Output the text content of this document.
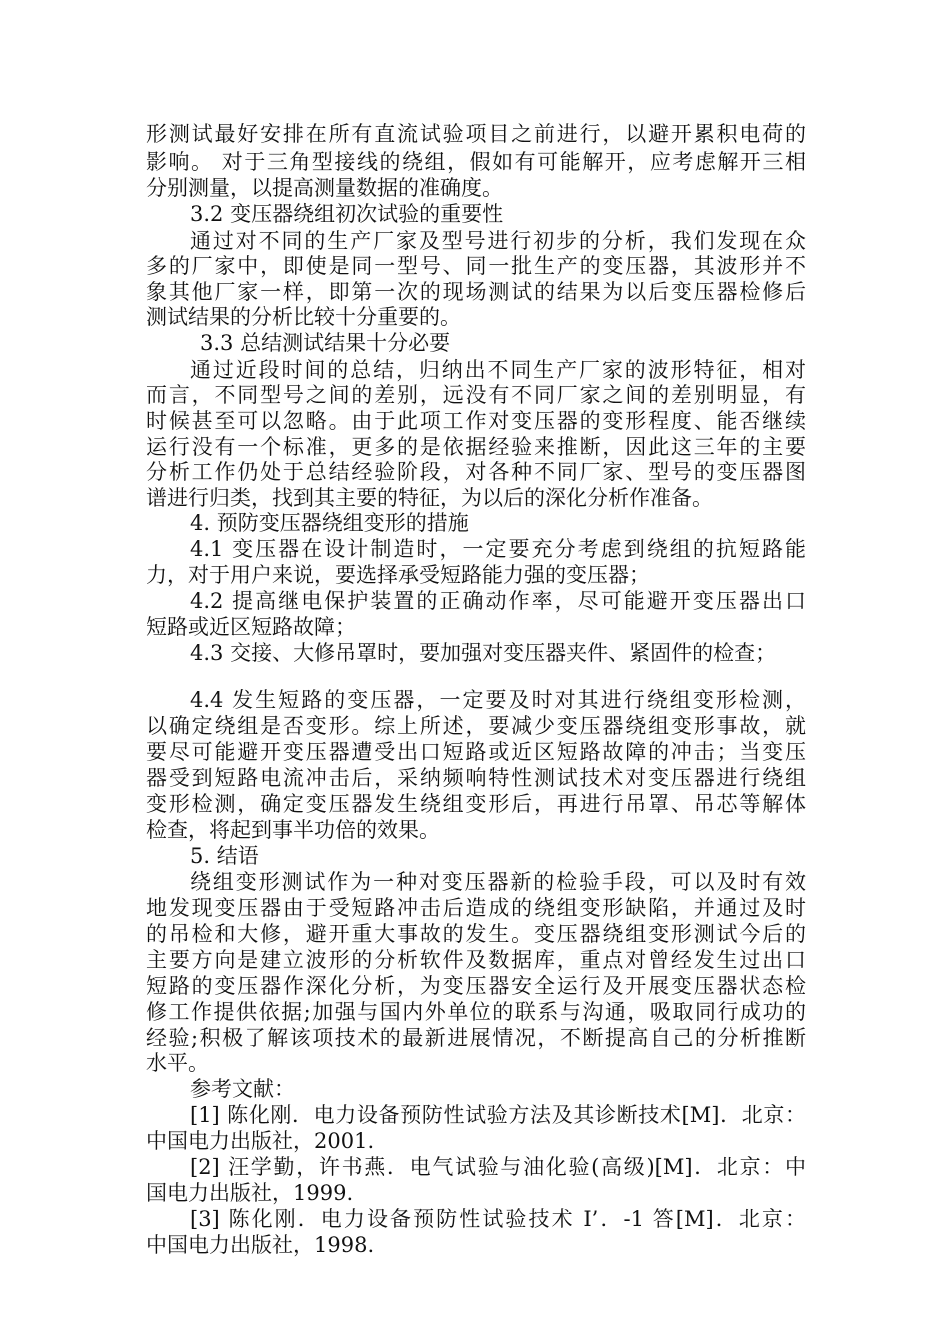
形测试最好安排在所有直流试验项目之前进行，以避开累积电荷的
影响。 对于三角型接线的绕组，假如有可能解开，应考虑解开三相
分别测量，以提高测量数据的准确度。
3.2 变压器绕组初次试验的重要性
通过对不同的生产厂家及型号进行初步的分析，我们发现在众
多的厂家中，即使是同一型号、同一批生产的变压器，其波形并不
象其他厂家一样，即第一次的现场测试的结果为以后变压器检修后
测试结果的分析比较十分重要的。
3.3 总结测试结果十分必要
通过近段时间的总结，归纳出不同生产厂家的波形特征，相对
而言，不同型号之间的差别，远没有不同厂家之间的差别明显，有
时候甚至可以忽略。由于此项工作对变压器的变形程度、能否继续
运行没有一个标准，更多的是依据经验来推断，因此这三年的主要
分析工作仍处于总结经验阶段，对各种不同厂家、型号的变压器图
谱进行归类，找到其主要的特征，为以后的深化分析作准备。
4. 预防变压器绕组变形的措施
4.1 变压器在设计制造时，一定要充分考虑到绕组的抗短路能
力，对于用户来说，要选择承受短路能力强的变压器；
4.2 提高继电保护装置的正确动作率，尽可能避开变压器出口
短路或近区短路故障；
4.3 交接、大修吊罩时，要加强对变压器夹件、紧固件的检查；
4.4 发生短路的变压器，一定要及时对其进行绕组变形检测，
以确定绕组是否变形。综上所述，要减少变压器绕组变形事故，就
要尽可能避开变压器遭受出口短路或近区短路故障的冲击；当变压
器受到短路电流冲击后，采纳频响特性测试技术对变压器进行绕组
变形检测，确定变压器发生绕组变形后，再进行吊罩、吊芯等解体
检查，将起到事半功倍的效果。
5. 结语
绕组变形测试作为一种对变压器新的检验手段，可以及时有效
地发现变压器由于受短路冲击后造成的绕组变形缺陷，并通过及时
的吊检和大修，避开重大事故的发生。变压器绕组变形测试今后的
主要方向是建立波形的分析软件及数据库，重点对曾经发生过出口
短路的变压器作深化分析，为变压器安全运行及开展变压器状态检
修工作提供依据;加强与国内外单位的联系与沟通，吸取同行成功的
经验;积极了解该项技术的最新进展情况，不断提高自己的分析推断
水平。
参考文献：
[1] 陈化刚．电力设备预防性试验方法及其诊断技术[M]．北京：
中国电力出版社，2001.
[2] 汪学勤，许书燕．电气试验与油化验(高级)[M]．北京：中
国电力出版社，1999.
[3] 陈化刚．电力设备预防性试验技术 I’．-1 答[M]．北京：
中国电力出版社，1998.
